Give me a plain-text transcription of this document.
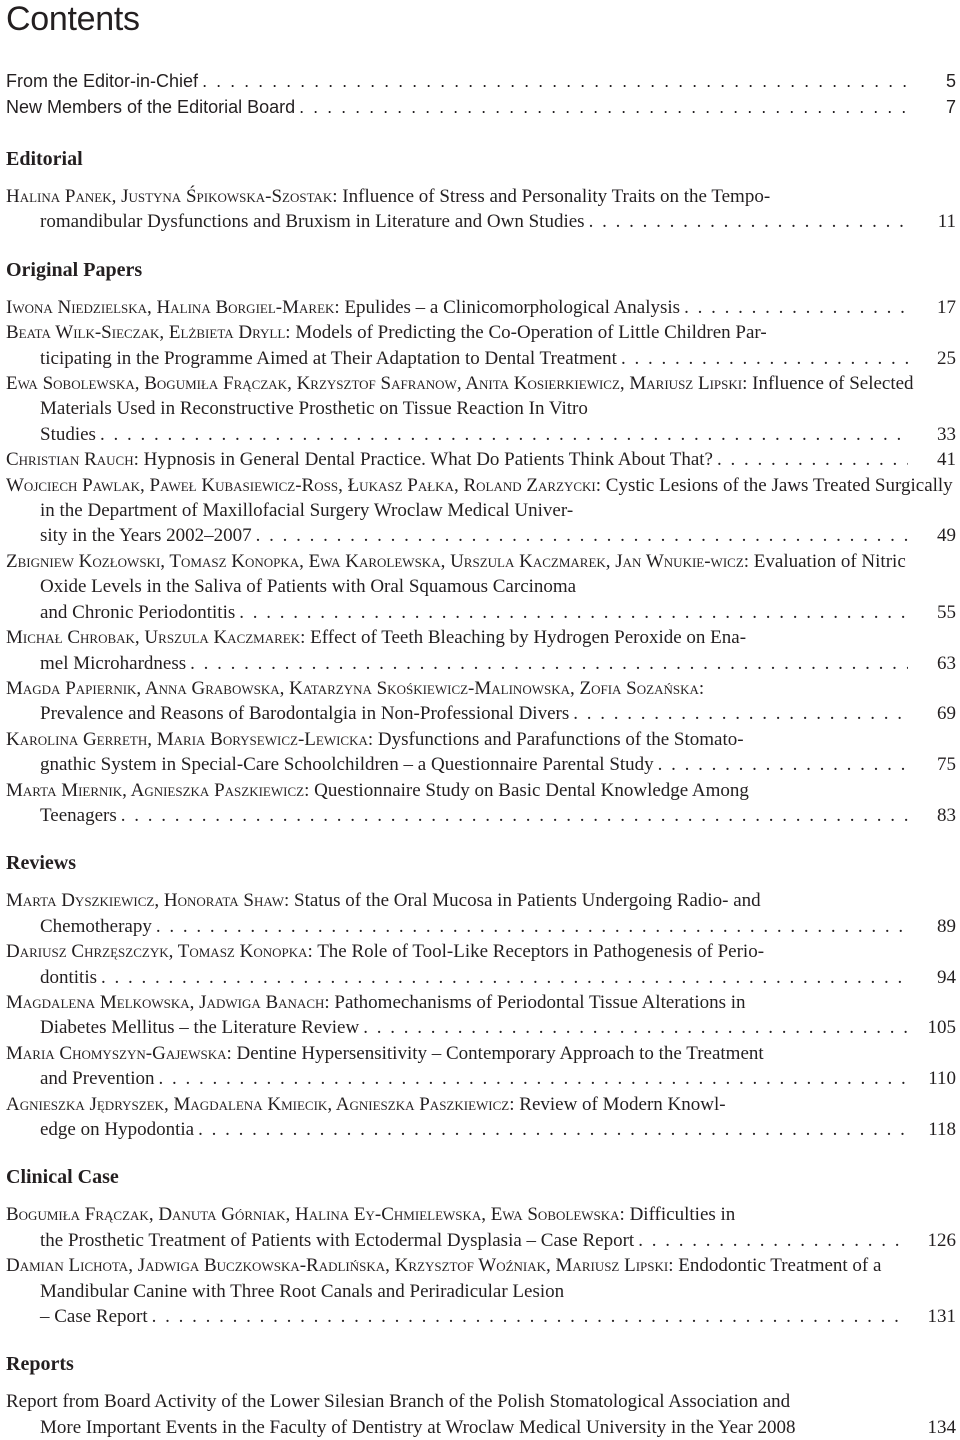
Contents
From the Editor-in-Chief . . .	5
New Members of the Editorial Board . . .	7
Editorial
Halina Panek, Justyna Śpikowska-Szostak: Influence of Stress and Personality Traits on the Tempo-
romandibular Dysfunctions and Bruxism in Literature and Own Studies . . .	11
Original Papers
Iwona Niedzielska, Halina Borgiel-Marek: Epulides – a Clinicomorphological Analysis . . .	17
Beata Wilk-Sieczak, Elżbieta Dryll: Models of Predicting the Co-Operation of Little Children Par-
ticipating in the Programme Aimed at Their Adaptation to Dental Treatment . . .	25
Ewa Sobolewska, Bogumiła Frączak, Krzysztof Safranow, Anita Kosierkiewicz, Mariusz Lipski: Influence of Selected Materials Used in Reconstructive Prosthetic on Tissue Reaction In Vitro
Studies . . .	33
Christian Rauch: Hypnosis in General Dental Practice. What Do Patients Think About That? . . .	41
Wojciech Pawlak, Paweł Kubasiewicz-Ross, Łukasz Pałka, Roland Zarzycki: Cystic Lesions of the Jaws Treated Surgically in the Department of Maxillofacial Surgery Wroclaw Medical Univer-
sity in the Years 2002–2007 . . .	49
Zbigniew Kozłowski, Tomasz Konopka, Ewa Karolewska, Urszula Kaczmarek, Jan Wnukie-wicz: Evaluation of Nitric Oxide Levels in the Saliva of Patients with Oral Squamous Carcinoma
and Chronic Periodontitis . . .	55
Michał Chrobak, Urszula Kaczmarek: Effect of Teeth Bleaching by Hydrogen Peroxide on Ena-
mel Microhardness . . .	63
Magda Papiernik, Anna Grabowska, Katarzyna Skośkiewicz-Malinowska, Zofia Sozańska:
Prevalence and Reasons of Barodontalgia in Non-Professional Divers . . .	69
Karolina Gerreth, Maria Borysewicz-Lewicka: Dysfunctions and Parafunctions of the Stomato-
gnathic System in Special-Care Schoolchildren – a Questionnaire Parental Study . . .	75
Marta Miernik, Agnieszka Paszkiewicz: Questionnaire Study on Basic Dental Knowledge Among
Teenagers . . .	83
Reviews
Marta Dyszkiewicz, Honorata Shaw: Status of the Oral Mucosa in Patients Undergoing Radio- and
Chemotherapy . . .	89
Dariusz Chrzęszczyk, Tomasz Konopka: The Role of Tool-Like Receptors in Pathogenesis of Perio-
dontitis . . .	94
Magdalena Melkowska, Jadwiga Banach: Pathomechanisms of Periodontal Tissue Alterations in
Diabetes Mellitus – the Literature Review . . .	105
Maria Chomyszyn-Gajewska: Dentine Hypersensitivity – Contemporary Approach to the Treatment
and Prevention . . .	110
Agnieszka Jędryszek, Magdalena Kmiecik, Agnieszka Paszkiewicz: Review of Modern Knowl-
edge on Hypodontia . . .	118
Clinical Case
Bogumiła Frączak, Danuta Górniak, Halina Ey-Chmielewska, Ewa Sobolewska: Difficulties in
the Prosthetic Treatment of Patients with Ectodermal Dysplasia – Case Report . . .	126
Damian Lichota, Jadwiga Buczkowska-Radlińska, Krzysztof Woźniak, Mariusz Lipski: Endodontic Treatment of a Mandibular Canine with Three Root Canals and Periradicular Lesion
– Case Report . . .	131
Reports
Report from Board Activity of the Lower Silesian Branch of the Polish Stomatological Association and
More Important Events in the Faculty of Dentistry at Wroclaw Medical University in the Year 2008	134
